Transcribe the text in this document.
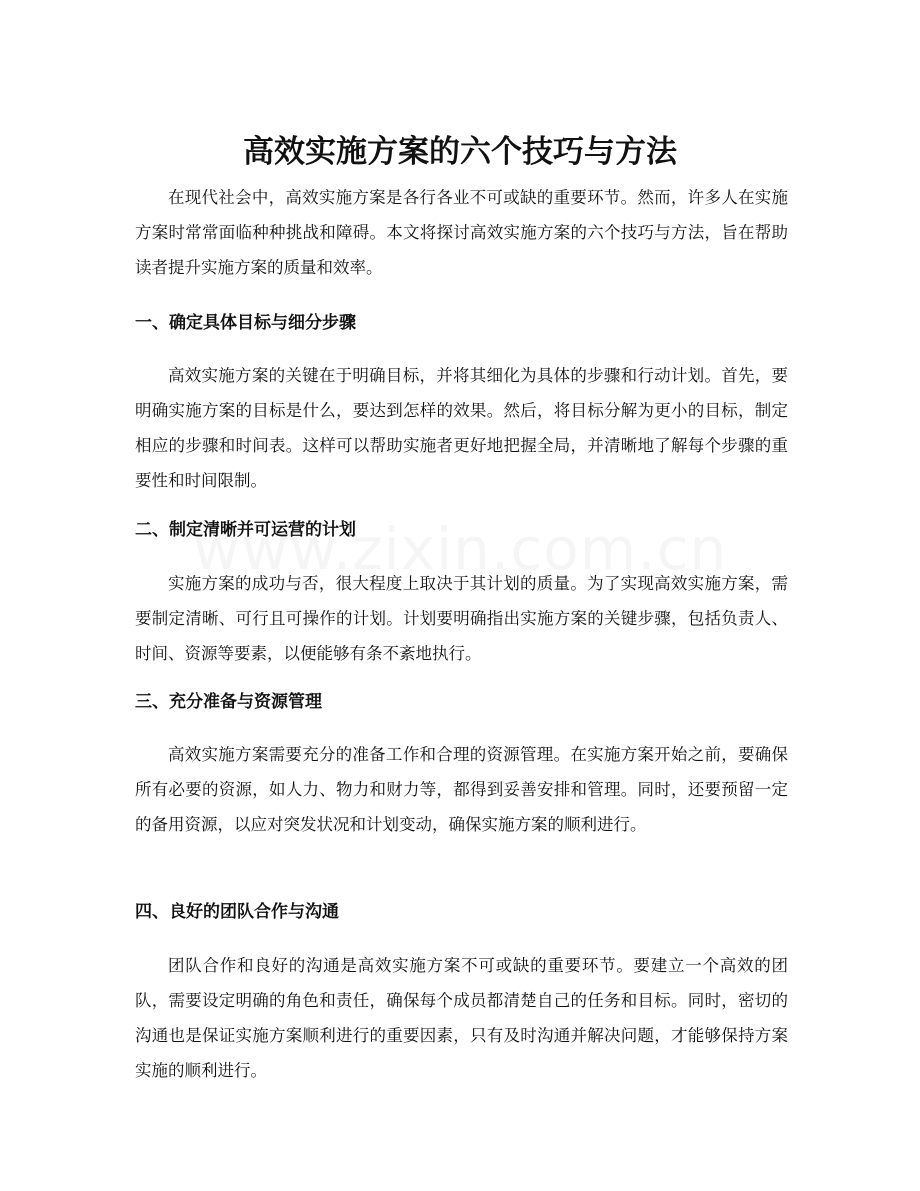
高效实施方案的六个技巧与方法

在现代社会中，高效实施方案是各行各业不可或缺的重要环节。然而，许多人在实施方案时常常面临种种挑战和障碍。本文将探讨高效实施方案的六个技巧与方法，旨在帮助读者提升实施方案的质量和效率。

一、确定具体目标与细分步骤

高效实施方案的关键在于明确目标，并将其细化为具体的步骤和行动计划。首先，要明确实施方案的目标是什么，要达到怎样的效果。然后，将目标分解为更小的目标，制定相应的步骤和时间表。这样可以帮助实施者更好地把握全局，并清晰地了解每个步骤的重要性和时间限制。

二、制定清晰并可运营的计划

实施方案的成功与否，很大程度上取决于其计划的质量。为了实现高效实施方案，需要制定清晰、可行且可操作的计划。计划要明确指出实施方案的关键步骤，包括负责人、时间、资源等要素，以便能够有条不紊地执行。

三、充分准备与资源管理

高效实施方案需要充分的准备工作和合理的资源管理。在实施方案开始之前，要确保所有必要的资源，如人力、物力和财力等，都得到妥善安排和管理。同时，还要预留一定的备用资源，以应对突发状况和计划变动，确保实施方案的顺利进行。

四、良好的团队合作与沟通

团队合作和良好的沟通是高效实施方案不可或缺的重要环节。要建立一个高效的团队，需要设定明确的角色和责任，确保每个成员都清楚自己的任务和目标。同时，密切的沟通也是保证实施方案顺利进行的重要因素，只有及时沟通并解决问题，才能够保持方案实施的顺利进行。
